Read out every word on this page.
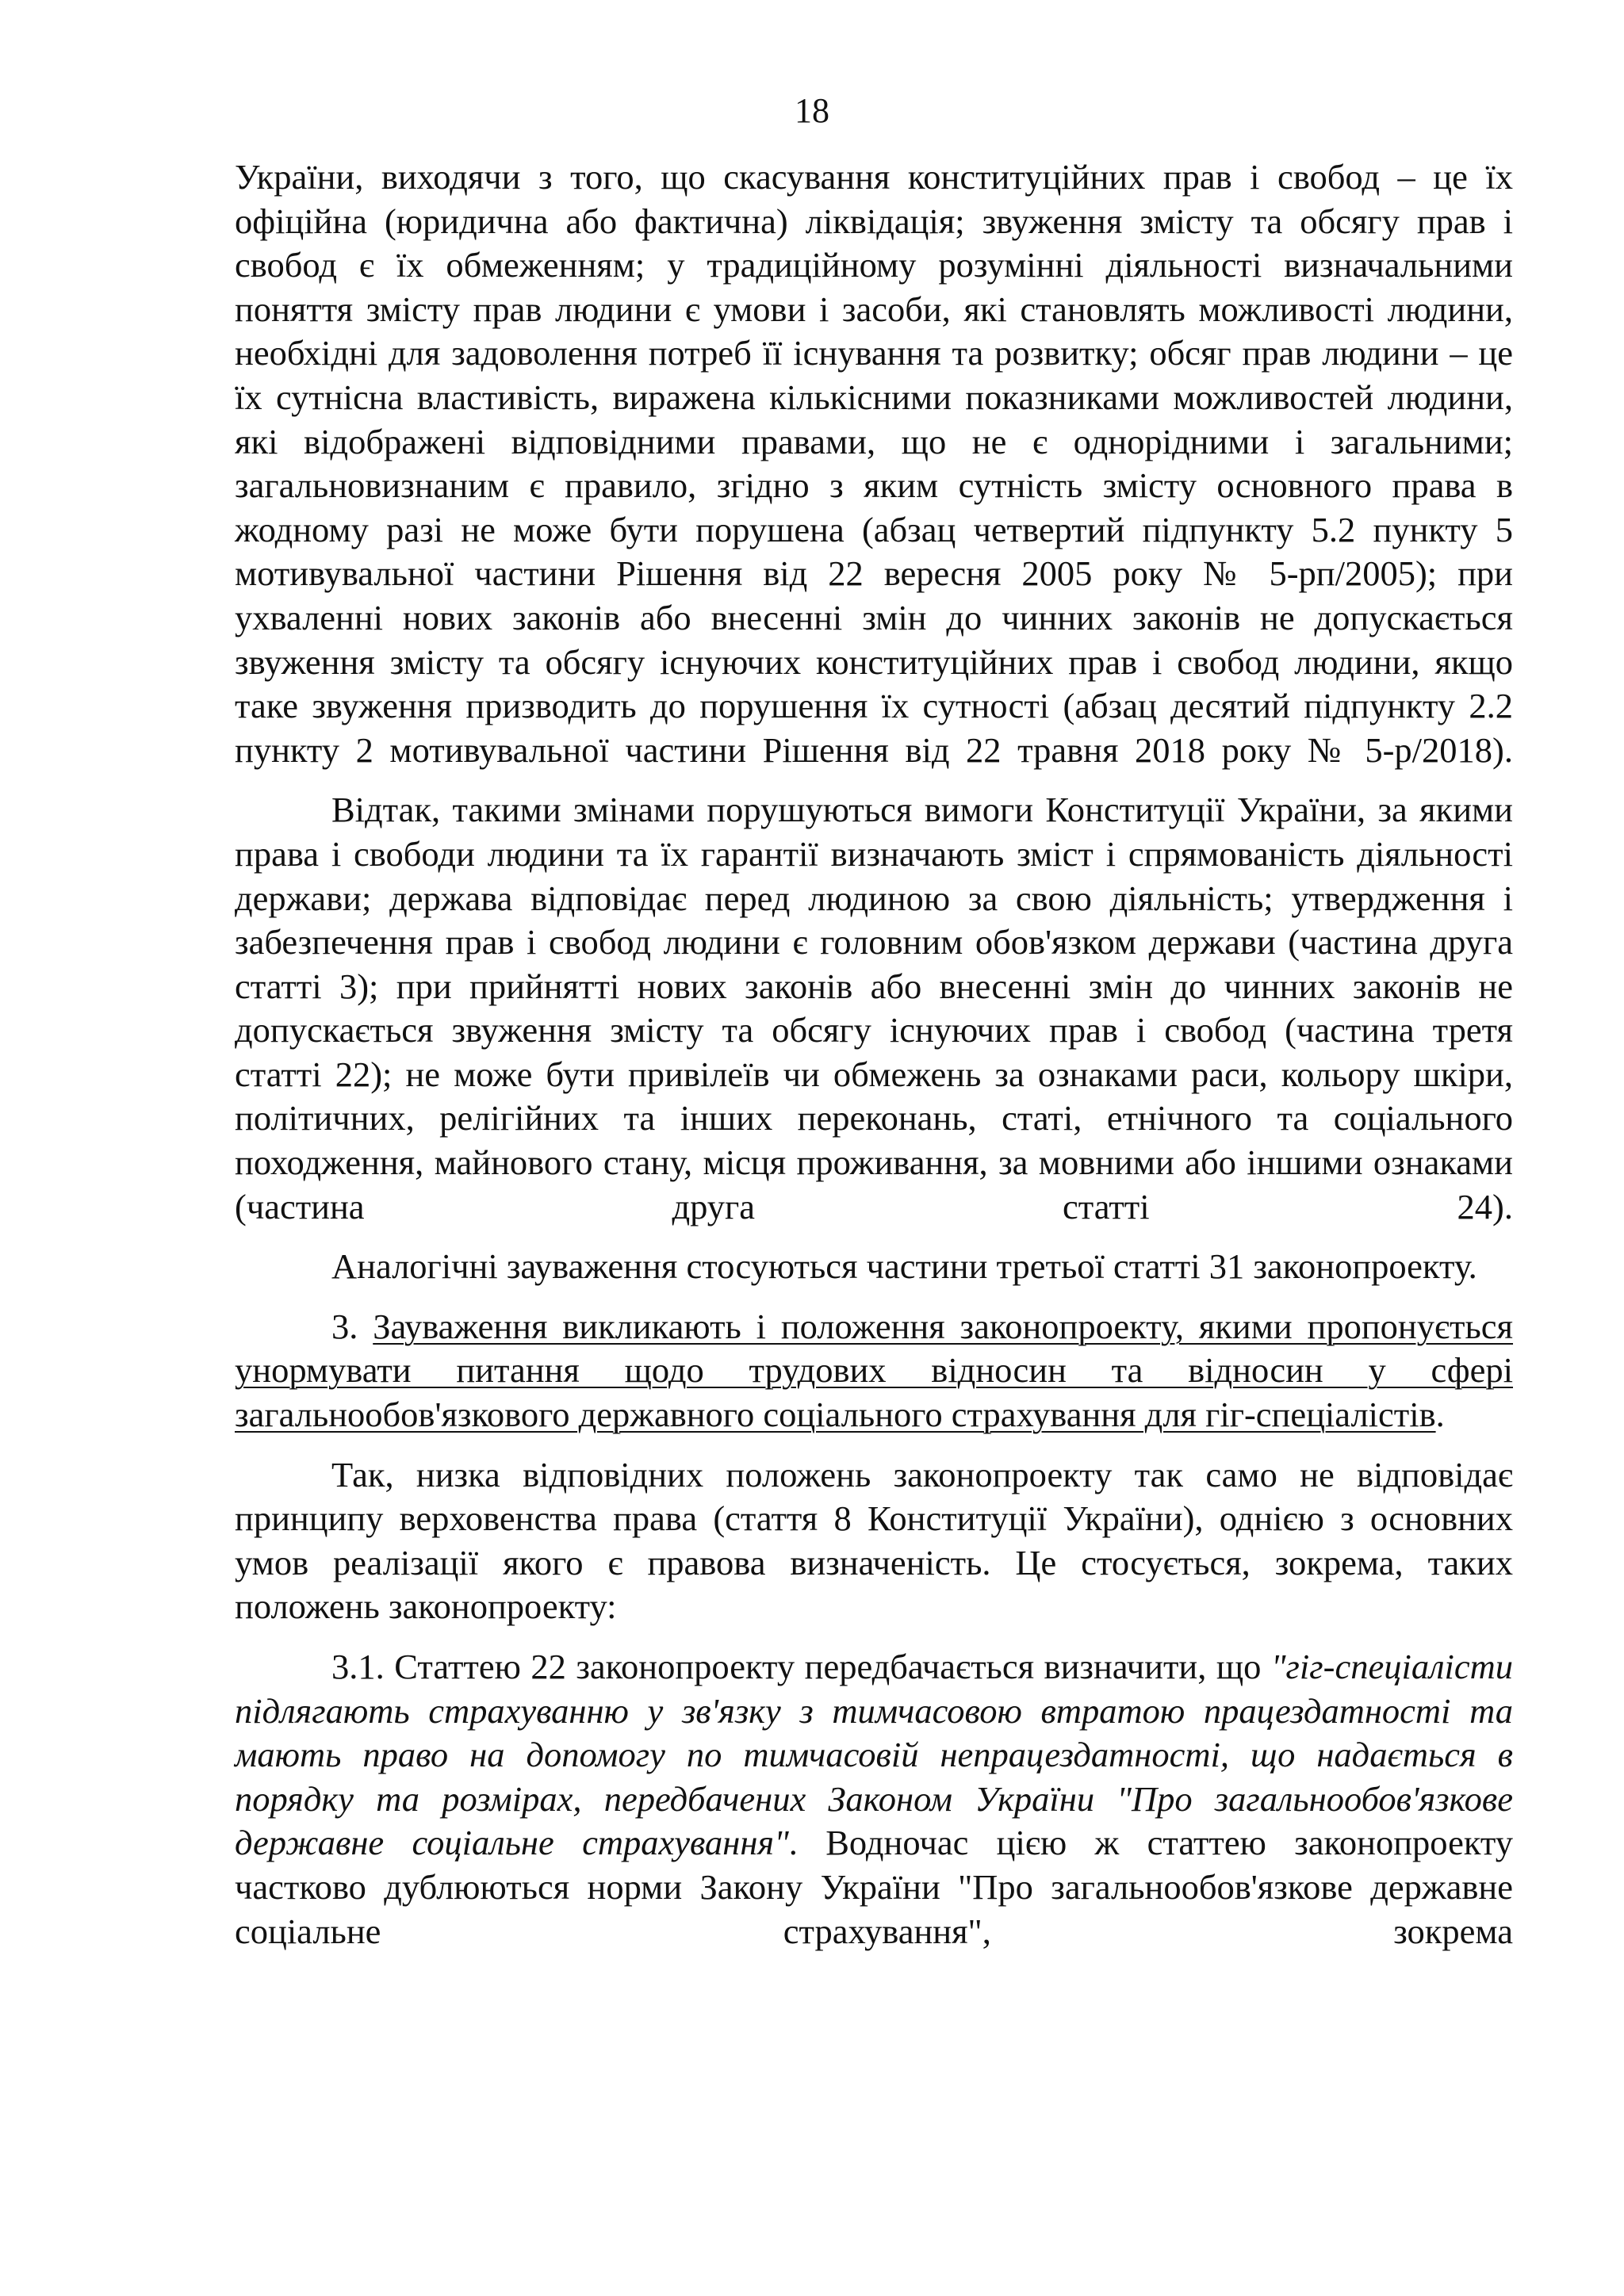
18

України, виходячи з того, що скасування конституційних прав і свобод – це їх офіційна (юридична або фактична) ліквідація; звуження змісту та обсягу прав і свобод є їх обмеженням; у традиційному розумінні діяльності визначальними поняття змісту прав людини є умови і засоби, які становлять можливості людини, необхідні для задоволення потреб її існування та розвитку; обсяг прав людини – це їх сутнісна властивість, виражена кількісними показниками можливостей людини, які відображені відповідними правами, що не є однорідними і загальними; загальновизнаним є правило, згідно з яким сутність змісту основного права в жодному разі не може бути порушена (абзац четвертий підпункту 5.2 пункту 5 мотивувальної частини Рішення від 22 вересня 2005 року № 5-рп/2005); при ухваленні нових законів або внесенні змін до чинних законів не допускається звуження змісту та обсягу існуючих конституційних прав і свобод людини, якщо таке звуження призводить до порушення їх сутності (абзац десятий підпункту 2.2 пункту 2 мотивувальної частини Рішення від 22 травня 2018 року № 5-р/2018).

Відтак, такими змінами порушуються вимоги Конституції України, за якими права і свободи людини та їх гарантії визначають зміст і спрямованість діяльності держави; держава відповідає перед людиною за свою діяльність; утвердження і забезпечення прав і свобод людини є головним обов'язком держави (частина друга статті 3); при прийнятті нових законів або внесенні змін до чинних законів не допускається звуження змісту та обсягу існуючих прав і свобод (частина третя статті 22); не може бути привілеїв чи обмежень за ознаками раси, кольору шкіри, політичних, релігійних та інших переконань, статі, етнічного та соціального походження, майнового стану, місця проживання, за мовними або іншими ознаками (частина друга статті 24).

Аналогічні зауваження стосуються частини третьої статті 31 законопроекту.

3. Зауваження викликають і положення законопроекту, якими пропонується унормувати питання щодо трудових відносин та відносин у сфері загальнообов'язкового державного соціального страхування для гіг-спеціалістів.

Так, низка відповідних положень законопроекту так само не відповідає принципу верховенства права (стаття 8 Конституції України), однією з основних умов реалізації якого є правова визначеність. Це стосується, зокрема, таких положень законопроекту:

3.1. Статтею 22 законопроекту передбачається визначити, що "гіг-спеціалісти підлягають страхуванню у зв'язку з тимчасовою втратою працездатності та мають право на допомогу по тимчасовій непрацездатності, що надається в порядку та розмірах, передбачених Законом України "Про загальнообов'язкове державне соціальне страхування". Водночас цією ж статтею законопроекту частково дублюються норми Закону України "Про загальнообов'язкове державне соціальне страхування", зокрема
